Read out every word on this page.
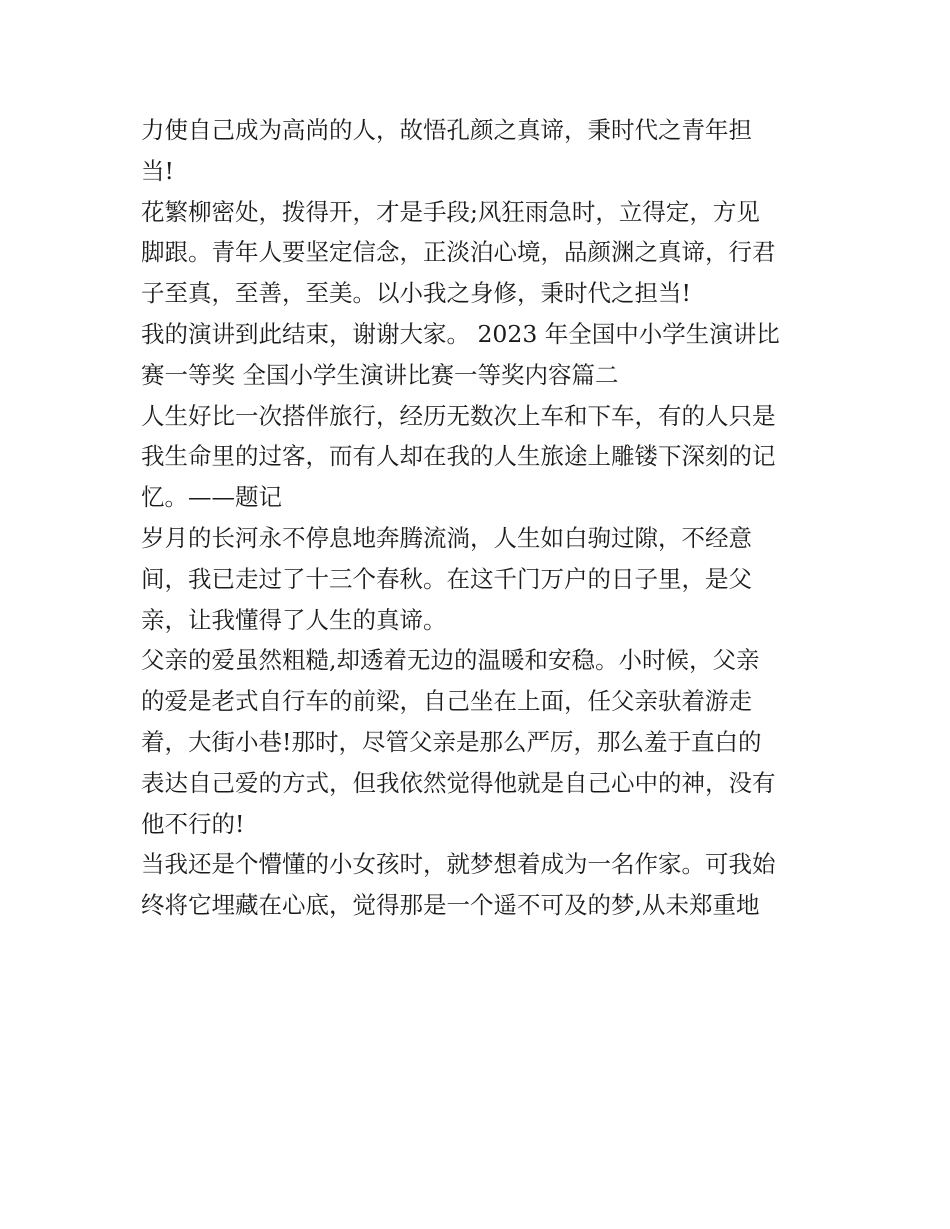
力使自己成为高尚的人，故悟孔颜之真谛，秉时代之青年担

当!

花繁柳密处，拨得开，才是手段;风狂雨急时，立得定，方见

脚跟。青年人要坚定信念，正淡泊心境，品颜渊之真谛，行君

子至真，至善，至美。以小我之身修，秉时代之担当!

我的演讲到此结束，谢谢大家。 2023 年全国中小学生演讲比

赛一等奖 全国小学生演讲比赛一等奖内容篇二

人生好比一次搭伴旅行，经历无数次上车和下车，有的人只是

我生命里的过客，而有人却在我的人生旅途上雕镂下深刻的记

忆。——题记

岁月的长河永不停息地奔腾流淌，人生如白驹过隙，不经意

间，我已走过了十三个春秋。在这千门万户的日子里，是父

亲，让我懂得了人生的真谛。

父亲的爱虽然粗糙,却透着无边的温暖和安稳。小时候，父亲

的爱是老式自行车的前梁，自己坐在上面，任父亲驮着游走

着，大街小巷!那时，尽管父亲是那么严厉，那么羞于直白的

表达自己爱的方式，但我依然觉得他就是自己心中的神，没有

他不行的!

当我还是个懵懂的小女孩时，就梦想着成为一名作家。可我始

终将它埋藏在心底，觉得那是一个遥不可及的梦,从未郑重地
